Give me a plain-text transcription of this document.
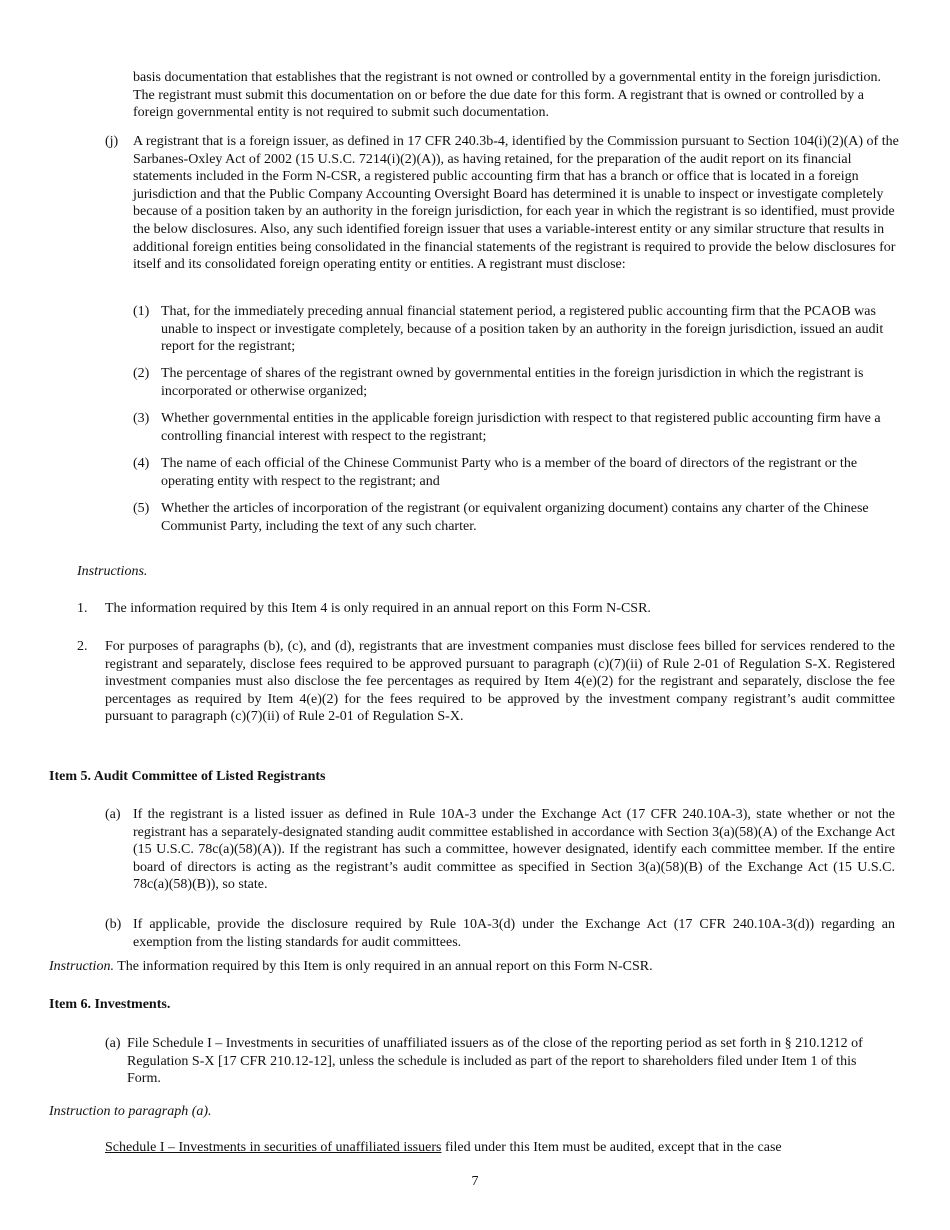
basis documentation that establishes that the registrant is not owned or controlled by a governmental entity in the foreign jurisdiction. The registrant must submit this documentation on or before the due date for this form. A registrant that is owned or controlled by a foreign governmental entity is not required to submit such documentation.

(j) A registrant that is a foreign issuer, as defined in 17 CFR 240.3b-4, identified by the Commission pursuant to Section 104(i)(2)(A) of the Sarbanes-Oxley Act of 2002 (15 U.S.C. 7214(i)(2)(A)), as having retained, for the preparation of the audit report on its financial statements included in the Form N-CSR, a registered public accounting firm that has a branch or office that is located in a foreign jurisdiction and that the Public Company Accounting Oversight Board has determined it is unable to inspect or investigate completely because of a position taken by an authority in the foreign jurisdiction, for each year in which the registrant is so identified, must provide the below disclosures. Also, any such identified foreign issuer that uses a variable-interest entity or any similar structure that results in additional foreign entities being consolidated in the financial statements of the registrant is required to provide the below disclosures for itself and its consolidated foreign operating entity or entities. A registrant must disclose:

(1) That, for the immediately preceding annual financial statement period, a registered public accounting firm that the PCAOB was unable to inspect or investigate completely, because of a position taken by an authority in the foreign jurisdiction, issued an audit report for the registrant;

(2) The percentage of shares of the registrant owned by governmental entities in the foreign jurisdiction in which the registrant is incorporated or otherwise organized;

(3) Whether governmental entities in the applicable foreign jurisdiction with respect to that registered public accounting firm have a controlling financial interest with respect to the registrant;

(4) The name of each official of the Chinese Communist Party who is a member of the board of directors of the registrant or the operating entity with respect to the registrant; and

(5) Whether the articles of incorporation of the registrant (or equivalent organizing document) contains any charter of the Chinese Communist Party, including the text of any such charter.

Instructions.

1. The information required by this Item 4 is only required in an annual report on this Form N-CSR.

2. For purposes of paragraphs (b), (c), and (d), registrants that are investment companies must disclose fees billed for services rendered to the registrant and separately, disclose fees required to be approved pursuant to paragraph (c)(7)(ii) of Rule 2-01 of Regulation S-X. Registered investment companies must also disclose the fee percentages as required by Item 4(e)(2) for the registrant and separately, disclose the fee percentages as required by Item 4(e)(2) for the fees required to be approved by the investment company registrant’s audit committee pursuant to paragraph (c)(7)(ii) of Rule 2-01 of Regulation S-X.

Item 5. Audit Committee of Listed Registrants

(a) If the registrant is a listed issuer as defined in Rule 10A-3 under the Exchange Act (17 CFR 240.10A-3), state whether or not the registrant has a separately-designated standing audit committee established in accordance with Section 3(a)(58)(A) of the Exchange Act (15 U.S.C. 78c(a)(58)(A)). If the registrant has such a committee, however designated, identify each committee member. If the entire board of directors is acting as the registrant’s audit committee as specified in Section 3(a)(58)(B) of the Exchange Act (15 U.S.C. 78c(a)(58)(B)), so state.

(b) If applicable, provide the disclosure required by Rule 10A-3(d) under the Exchange Act (17 CFR 240.10A-3(d)) regarding an exemption from the listing standards for audit committees.

Instruction. The information required by this Item is only required in an annual report on this Form N-CSR.

Item 6. Investments.

(a) File Schedule I – Investments in securities of unaffiliated issuers as of the close of the reporting period as set forth in § 210.1212 of Regulation S-X [17 CFR 210.12-12], unless the schedule is included as part of the report to shareholders filed under Item 1 of this Form.

Instruction to paragraph (a).

Schedule I – Investments in securities of unaffiliated issuers filed under this Item must be audited, except that in the case

7
